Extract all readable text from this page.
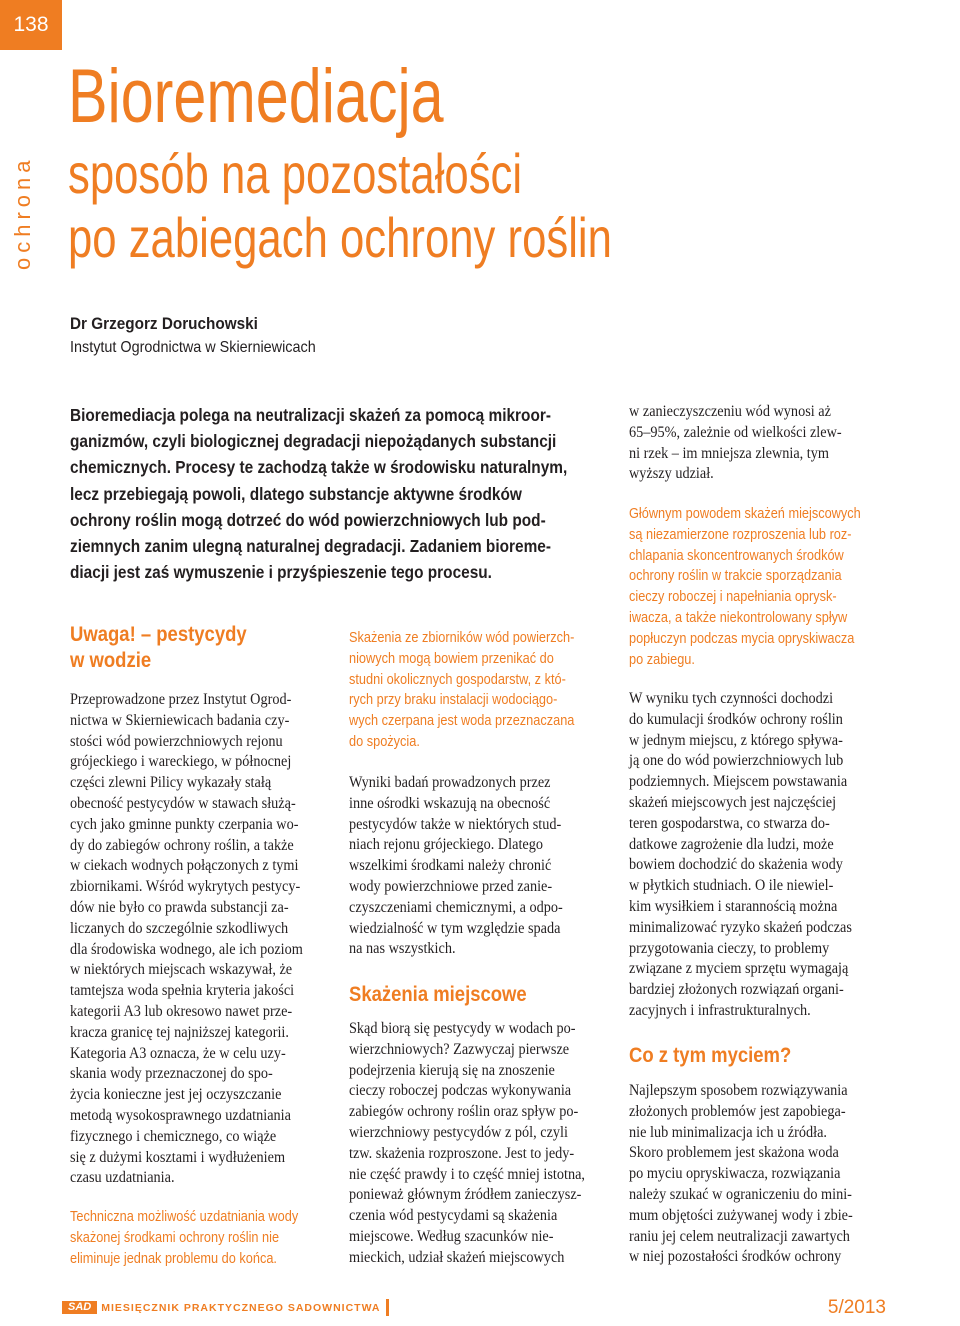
138
ochrona
Bioremediacja
sposób na pozostałości
po zabiegach ochrony roślin
Dr Grzegorz Doruchowski
Instytut Ogrodnictwa w Skierniewicach
Bioremediacja polega na neutralizacji skażeń za pomocą mikroor-
ganizmów, czyli biologicznej degradacji niepożądanych substancji
chemicznych. Procesy te zachodzą także w środowisku naturalnym,
lecz przebiegają powoli, dlatego substancje aktywne środków
ochrony roślin mogą dotrzeć do wód powierzchniowych lub pod-
ziemnych zanim ulegną naturalnej degradacji. Zadaniem bioreme-
diacji jest zaś wymuszenie i przyśpieszenie tego procesu.
Uwaga! – pestycydy
w wodzie
Przeprowadzone przez Instytut Ogrod-
nictwa w Skierniewicach badania czy-
stości wód powierzchniowych rejonu
grójeckiego i wareckiego, w północnej
części zlewni Pilicy wykazały stałą
obecność pestycydów w stawach służą-
cych jako gminne punkty czerpania wo-
dy do zabiegów ochrony roślin, a także
w ciekach wodnych połączonych z tymi
zbiornikami. Wśród wykrytych pestycy-
dów nie było co prawda substancji za-
liczanych do szczególnie szkodliwych
dla środowiska wodnego, ale ich poziom
w niektórych miejscach wskazywał, że
tamtejsza woda spełnia kryteria jakości
kategorii A3 lub okresowo nawet prze-
kracza granicę tej najniższej kategorii.
Kategoria A3 oznacza, że w celu uzy-
skania wody przeznaczonej do spo-
życia konieczne jest jej oczyszczanie
metodą wysokosprawnego uzdatniania
fizycznego i chemicznego, co wiąże
się z dużymi kosztami i wydłużeniem
czasu uzdatniania.
Techniczna możliwość uzdatniania wody
skażonej środkami ochrony roślin nie
eliminuje jednak problemu do końca.
Skażenia ze zbiorników wód powierzch-
niowych mogą bowiem przenikać do
studni okolicznych gospodarstw, z któ-
rych przy braku instalacji wodociągo-
wych czerpana jest woda przeznaczana
do spożycia.
Wyniki badań prowadzonych przez
inne ośrodki wskazują na obecność
pestycydów także w niektórych stud-
niach rejonu grójeckiego. Dlatego
wszelkimi środkami należy chronić
wody powierzchniowe przed zanie-
czyszczeniami chemicznymi, a odpo-
wiedzialność w tym względzie spada
na nas wszystkich.
Skażenia miejscowe
Skąd biorą się pestycydy w wodach po-
wierzchniowych? Zazwyczaj pierwsze
podejrzenia kierują się na znoszenie
cieczy roboczej podczas wykonywania
zabiegów ochrony roślin oraz spływ po-
wierzchniowy pestycydów z pól, czyli
tzw. skażenia rozproszone. Jest to jedy-
nie część prawdy i to część mniej istotna,
ponieważ głównym źródłem zanieczysz-
czenia wód pestycydami są skażenia
miejscowe. Według szacunków nie-
mieckich, udział skażeń miejscowych
w zanieczyszczeniu wód wynosi aż
65–95%, zależnie od wielkości zlew-
ni rzek – im mniejsza zlewnia, tym
wyższy udział.
Głównym powodem skażeń miejscowych
są niezamierzone rozproszenia lub roz-
chlapania skoncentrowanych środków
ochrony roślin w trakcie sporządzania
cieczy roboczej i napełniania oprysk-
iwacza, a także niekontrolowany spływ
popłuczyn podczas mycia opryskiwacza
po zabiegu.
W wyniku tych czynności dochodzi
do kumulacji środków ochrony roślin
w jednym miejscu, z którego spływa-
ją one do wód powierzchniowych lub
podziemnych. Miejscem powstawania
skażeń miejscowych jest najczęściej
teren gospodarstwa, co stwarza do-
datkowe zagrożenie dla ludzi, może
bowiem dochodzić do skażenia wody
w płytkich studniach. O ile niewiel-
kim wysiłkiem i starannością można
minimalizować ryzyko skażeń podczas
przygotowania cieczy, to problemy
związane z myciem sprzętu wymagają
bardziej złożonych rozwiązań organi-
zacyjnych i infrastrukturalnych.
Co z tym myciem?
Najlepszym sposobem rozwiązywania
złożonych problemów jest zapobiega-
nie lub minimalizacja ich u źródła.
Skoro problemem jest skażona woda
po myciu opryskiwacza, rozwiązania
należy szukać w ograniczeniu do mini-
mum objętości zużywanej wody i zbie-
raniu jej celem neutralizacji zawartych
w niej pozostałości środków ochrony
SAD MIESIĘCZNIK PRAKTYCZNEGO SADOWNICTWA	5/2013
